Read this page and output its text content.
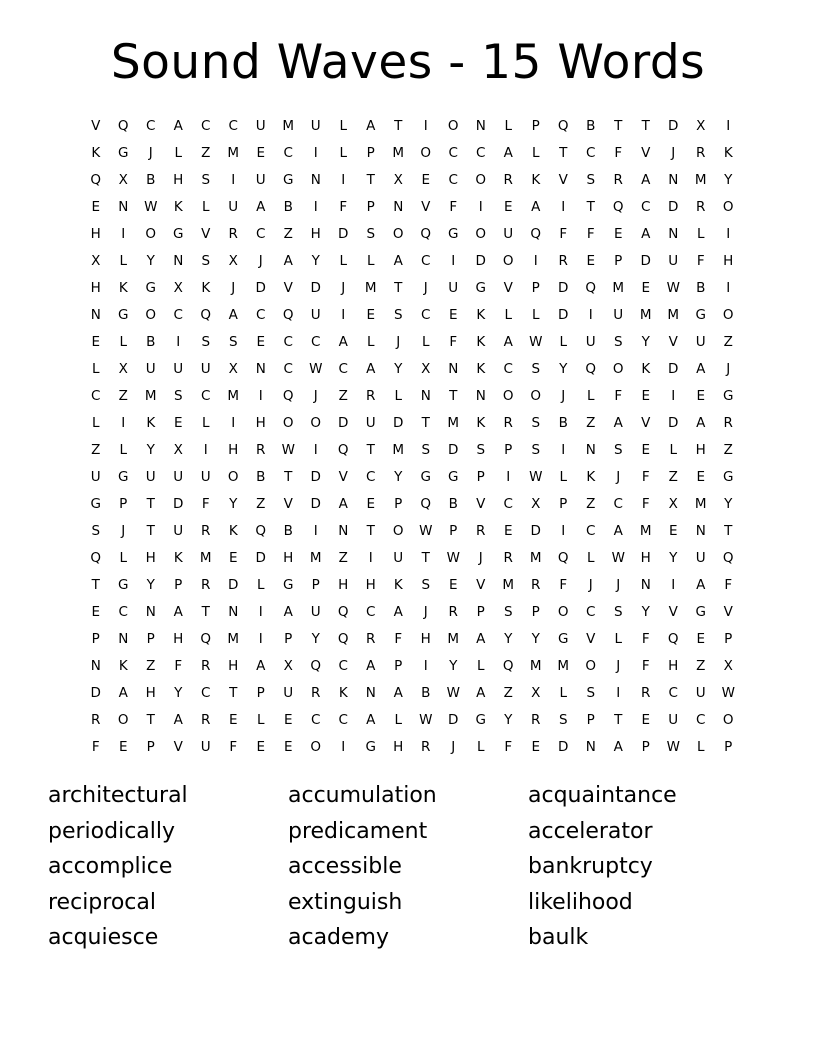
Sound Waves - 15 Words
V	Q	C	A	C	C	U	M	U	L	A	T	I	O	N	L	P	Q	B	T	T	D	X	I
K	G	J	L	Z	M	E	C	I	L	P	M	O	C	C	A	L	T	C	F	V	J	R	K
Q	X	B	H	S	I	U	G	N	I	T	X	E	C	O	R	K	V	S	R	A	N	M	Y
E	N	W	K	L	U	A	B	I	F	P	N	V	F	I	E	A	I	T	Q	C	D	R	O
H	I	O	G	V	R	C	Z	H	D	S	O	Q	G	O	U	Q	F	F	E	A	N	L	I
X	L	Y	N	S	X	J	A	Y	L	L	A	C	I	D	O	I	R	E	P	D	U	F	H
H	K	G	X	K	J	D	V	D	J	M	T	J	U	G	V	P	D	Q	M	E	W	B	I
N	G	O	C	Q	A	C	Q	U	I	E	S	C	E	K	L	L	D	I	U	M	M	G	O
E	L	B	I	S	S	E	C	C	A	L	J	L	F	K	A	W	L	U	S	Y	V	U	Z
L	X	U	U	U	X	N	C	W	C	A	Y	X	N	K	C	S	Y	Q	O	K	D	A	J
C	Z	M	S	C	M	I	Q	J	Z	R	L	N	T	N	O	O	J	L	F	E	I	E	G
L	I	K	E	L	I	H	O	O	D	U	D	T	M	K	R	S	B	Z	A	V	D	A	R
Z	L	Y	X	I	H	R	W	I	Q	T	M	S	D	S	P	S	I	N	S	E	L	H	Z
U	G	U	U	U	O	B	T	D	V	C	Y	G	G	P	I	W	L	K	J	F	Z	E	G
G	P	T	D	F	Y	Z	V	D	A	E	P	Q	B	V	C	X	P	Z	C	F	X	M	Y
S	J	T	U	R	K	Q	B	I	N	T	O	W	P	R	E	D	I	C	A	M	E	N	T
Q	L	H	K	M	E	D	H	M	Z	I	U	T	W	J	R	M	Q	L	W	H	Y	U	Q
T	G	Y	P	R	D	L	G	P	H	H	K	S	E	V	M	R	F	J	J	N	I	A	F
E	C	N	A	T	N	I	A	U	Q	C	A	J	R	P	S	P	O	C	S	Y	V	G	V
P	N	P	H	Q	M	I	P	Y	Q	R	F	H	M	A	Y	Y	G	V	L	F	Q	E	P
N	K	Z	F	R	H	A	X	Q	C	A	P	I	Y	L	Q	M	M	O	J	F	H	Z	X
D	A	H	Y	C	T	P	U	R	K	N	A	B	W	A	Z	X	L	S	I	R	C	U	W
R	O	T	A	R	E	L	E	C	C	A	L	W	D	G	Y	R	S	P	T	E	U	C	O
F	E	P	V	U	F	E	E	O	I	G	H	R	J	L	F	E	D	N	A	P	W	L	P
architectural	accumulation	acquaintance
periodically	predicament	accelerator
accomplice	accessible	bankruptcy
reciprocal	extinguish	likelihood
acquiesce	academy	baulk
